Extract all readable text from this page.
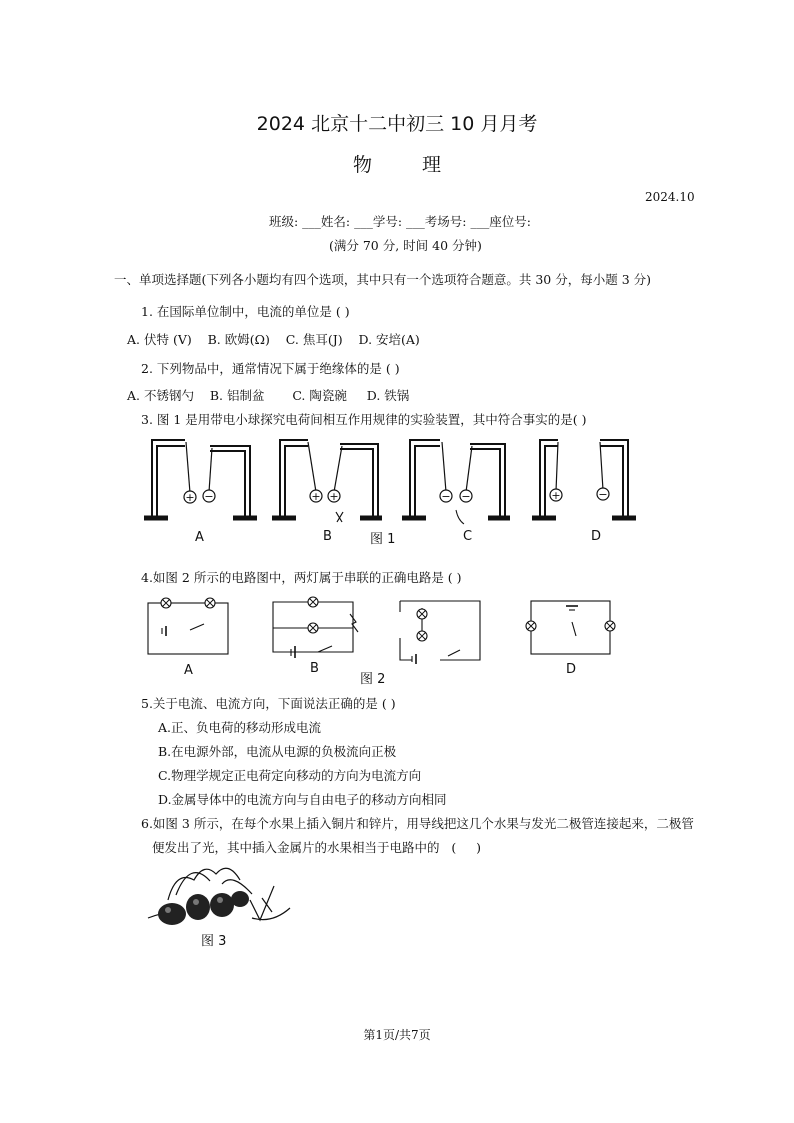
2024 北京十二中初三 10 月月考
物	理
2024.10
班级: ___姓名: ___学号: ___考场号: ___座位号:
(满分 70 分, 时间 40 分钟)
一、单项选择题(下列各小题均有四个选项，其中只有一个选项符合题意。共 30 分，每小题 3 分)
1. 在国际单位制中，电流的单位是 ( )
A. 伏特 (V)    B. 欧姆(Ω)    C. 焦耳(J)    D. 安培(A)
2. 下列物品中，通常情况下属于绝缘体的是 ( )
A. 不锈钢勺    B. 铝制盆       C. 陶瓷碗     D. 铁锅
3. 图 1 是用带电小球探究电荷间相互作用规律的实验装置，其中符合事实的是( )
+ −	+ +	− −	+	−
A	B	图 1	C	D
A	B
图 2
D
图 3
4.如图 2 所示的电路图中，两灯属于串联的正确电路是 ( )
5.关于电流、电流方向，下面说法正确的是 ( )
A.正、负电荷的移动形成电流
B.在电源外部，电流从电源的负极流向正极
C.物理学规定正电荷定向移动的方向为电流方向
D.金属导体中的电流方向与自由电子的移动方向相同
6.如图 3 所示，在每个水果上插入铜片和锌片，用导线把这几个水果与发光二极管连接起来，二极管
便发出了光，其中插入金属片的水果相当于电路中的   (     )
第1页/共7页
